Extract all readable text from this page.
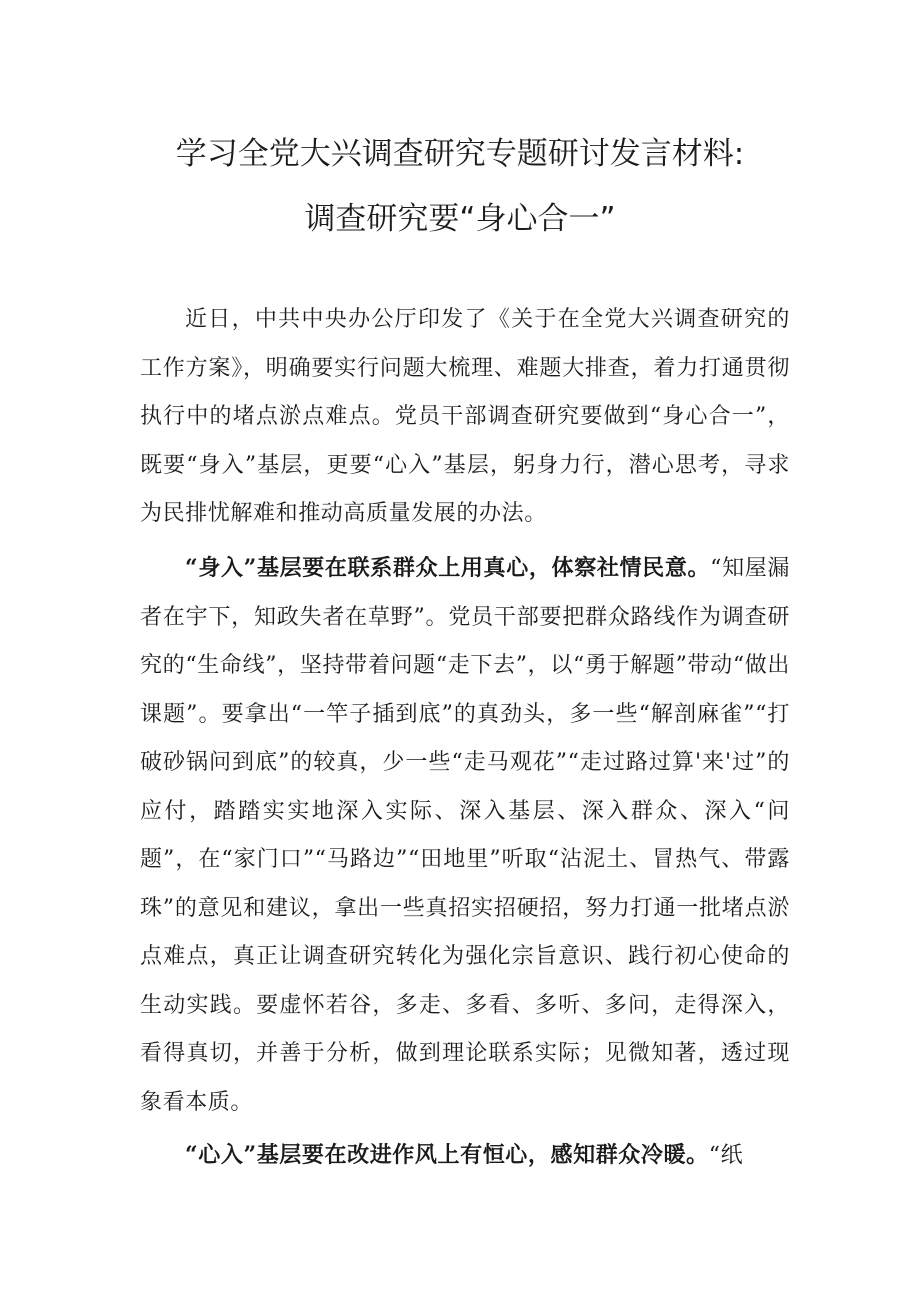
学习全党大兴调查研究专题研讨发言材料:
调查研究要“身心合一”

近日，中共中央办公厅印发了《关于在全党大兴调查研究的工作方案》，明确要实行问题大梳理、难题大排查，着力打通贯彻执行中的堵点淤点难点。党员干部调查研究要做到“身心合一”，既要“身入”基层，更要“心入”基层，躬身力行，潜心思考，寻求为民排忧解难和推动高质量发展的办法。

“身入”基层要在联系群众上用真心，体察社情民意。“知屋漏者在宇下，知政失者在草野”。党员干部要把群众路线作为调查研究的“生命线”，坚持带着问题“走下去”，以“勇于解题”带动“做出课题”。要拿出“一竿子插到底”的真劲头，多一些“解剖麻雀”“打破砂锅问到底”的较真，少一些“走马观花”“走过路过算'来'过”的应付，踏踏实实地深入实际、深入基层、深入群众、深入“问题”，在“家门口”“马路边”“田地里”听取“沾泥土、冒热气、带露珠”的意见和建议，拿出一些真招实招硬招，努力打通一批堵点淤点难点，真正让调查研究转化为强化宗旨意识、践行初心使命的生动实践。要虚怀若谷，多走、多看、多听、多问，走得深入，看得真切，并善于分析，做到理论联系实际；见微知著，透过现象看本质。

“心入”基层要在改进作风上有恒心，感知群众冷暖。“纸
